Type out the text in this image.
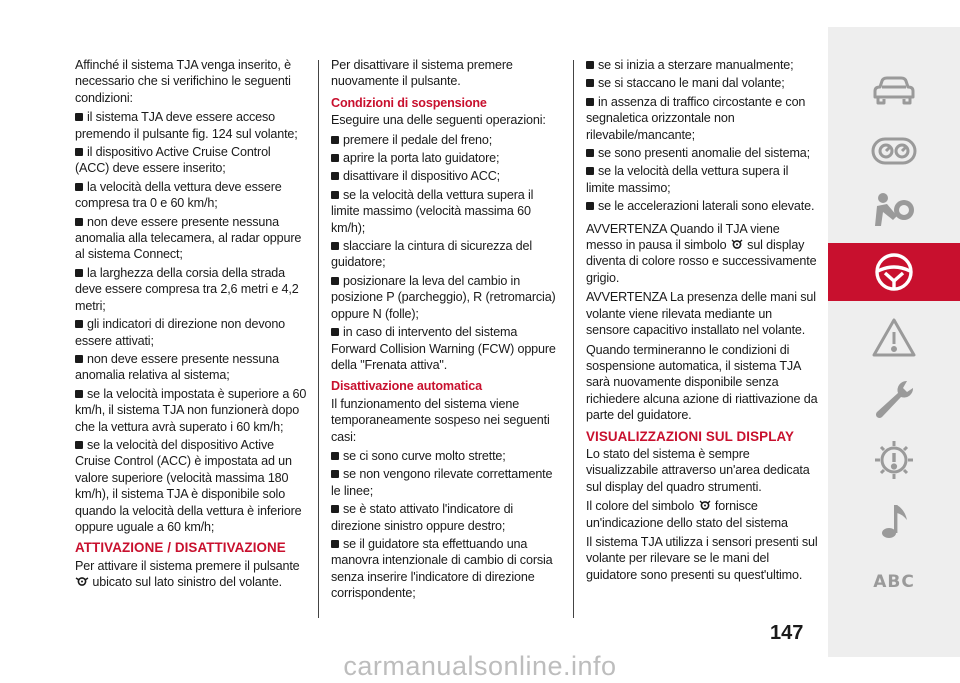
Affinché il sistema TJA venga inserito, è necessario che si verifichino le seguenti condizioni:

il sistema TJA deve essere acceso premendo il pulsante fig. 124 sul volante;
il dispositivo Active Cruise Control (ACC) deve essere inserito;
la velocità della vettura deve essere compresa tra 0 e 60 km/h;
non deve essere presente nessuna anomalia alla telecamera, al radar oppure al sistema Connect;
la larghezza della corsia della strada deve essere compresa tra 2,6 metri e 4,2 metri;
gli indicatori di direzione non devono essere attivati;
non deve essere presente nessuna anomalia relativa al sistema;
se la velocità impostata è superiore a 60 km/h, il sistema TJA non funzionerà dopo che la vettura avrà superato i 60 km/h;
se la velocità del dispositivo Active Cruise Control (ACC) è impostata ad un valore superiore (velocità massima 180 km/h), il sistema TJA è disponibile solo quando la velocità della vettura è inferiore oppure uguale a 60 km/h;
ATTIVAZIONE / DISATTIVAZIONE

Per attivare il sistema premere il pulsante  ubicato sul lato sinistro del volante.

Per disattivare il sistema premere nuovamente il pulsante.

Condizioni di sospensione

Eseguire una delle seguenti operazioni:

premere il pedale del freno;
aprire la porta lato guidatore;
disattivare il dispositivo ACC;
se la velocità della vettura supera il limite massimo (velocità massima 60 km/h);
slacciare la cintura di sicurezza del guidatore;
posizionare la leva del cambio in posizione P (parcheggio), R (retromarcia) oppure N (folle);
in caso di intervento del sistema Forward Collision Warning (FCW) oppure della "Frenata attiva".
Disattivazione automatica

Il funzionamento del sistema viene temporaneamente sospeso nei seguenti casi:

se ci sono curve molto strette;
se non vengono rilevate correttamente le linee;
se è stato attivato l'indicatore di direzione sinistro oppure destro;
se il guidatore sta effettuando una manovra intenzionale di cambio di corsia senza inserire l'indicatore di direzione corrispondente;
se si inizia a sterzare manualmente;
se si staccano le mani dal volante;
in assenza di traffico circostante e con segnaletica orizzontale non rilevabile/mancante;
se sono presenti anomalie del sistema;
se la velocità della vettura supera il limite massimo;
se le accelerazioni laterali sono elevate.

AVVERTENZA Quando il TJA viene messo in pausa il simbolo sul display diventa di colore rosso e successivamente grigio.

AVVERTENZA La presenza delle mani sul volante viene rilevata mediante un sensore capacitivo installato nel volante.

Quando termineranno le condizioni di sospensione automatica, il sistema TJA sarà nuovamente disponibile senza richiedere alcuna azione di riattivazione da parte del guidatore.

VISUALIZZAZIONI SUL DISPLAY

Lo stato del sistema è sempre visualizzabile attraverso un'area dedicata sul display del quadro strumenti.

Il colore del simbolo fornisce un'indicazione dello stato del sistema

Il sistema TJA utilizza i sensori presenti sul volante per rilevare se le mani del guidatore sono presenti su quest'ultimo.

147
ABC
carmanualsonline.info
